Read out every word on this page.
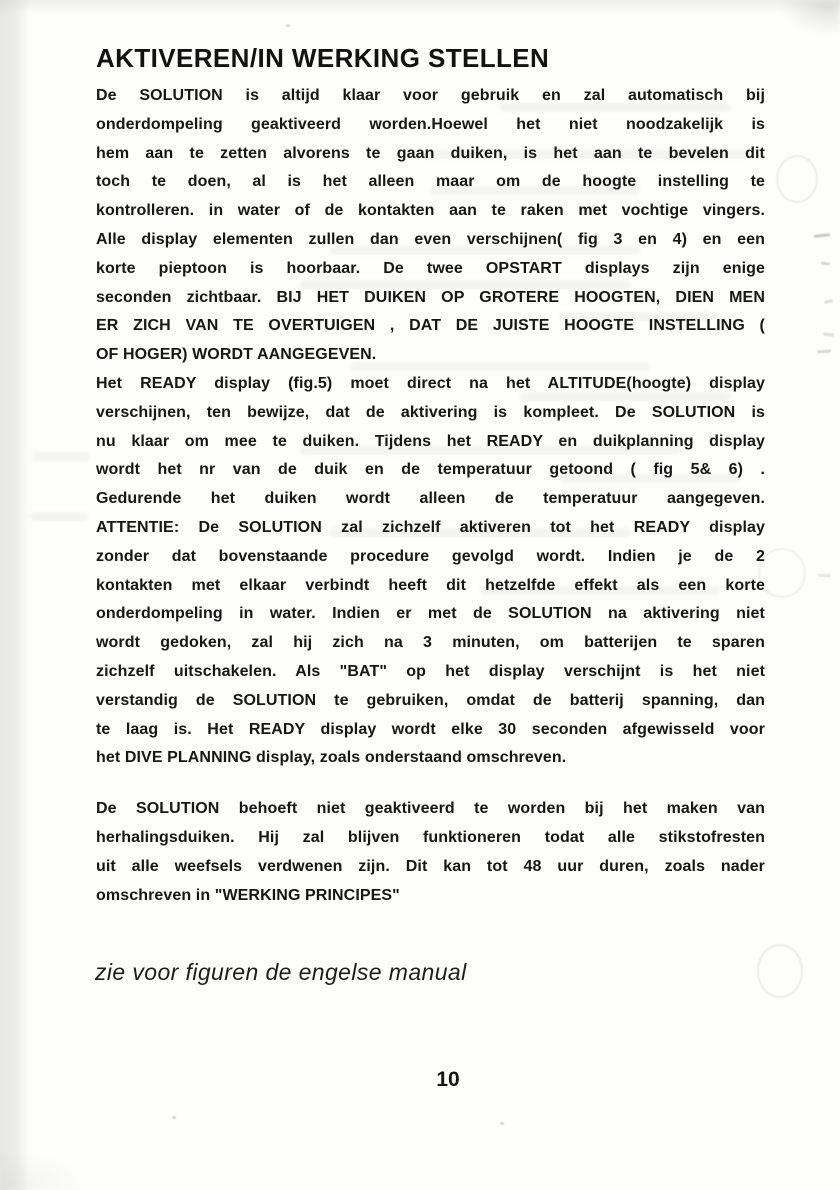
AKTIVEREN/IN WERKING STELLEN
De SOLUTION is altijd klaar voor gebruik en zal automatisch bij
onderdompeling geaktiveerd worden.Hoewel het niet noodzakelijk is
hem aan te zetten alvorens te gaan duiken, is het aan te bevelen dit
toch te doen, al is het alleen maar om de hoogte instelling te
kontrolleren. in water of de kontakten aan te raken met vochtige vingers.
Alle display elementen zullen dan even verschijnen( fig 3 en 4) en een
korte pieptoon is hoorbaar. De twee OPSTART displays zijn enige
seconden zichtbaar. BIJ HET DUIKEN OP GROTERE HOOGTEN, DIEN MEN
ER ZICH VAN TE OVERTUIGEN , DAT DE JUISTE HOOGTE INSTELLING (
OF HOGER) WORDT AANGEGEVEN.
Het READY display (fig.5) moet direct na het ALTITUDE(hoogte) display
verschijnen, ten bewijze, dat de aktivering is kompleet. De SOLUTION is
nu klaar om mee te duiken. Tijdens het READY en duikplanning display
wordt het nr van de duik en de temperatuur getoond ( fig 5& 6) .
Gedurende het duiken wordt alleen de temperatuur aangegeven.
ATTENTIE: De SOLUTION zal zichzelf aktiveren tot het READY display
zonder dat bovenstaande procedure gevolgd wordt. Indien je de 2
kontakten met elkaar verbindt heeft dit hetzelfde effekt als een korte
onderdompeling in water. Indien er met de SOLUTION na aktivering niet
wordt gedoken, zal hij zich na 3 minuten, om batterijen te sparen
zichzelf uitschakelen. Als "BAT" op het display verschijnt is het niet
verstandig de SOLUTION te gebruiken, omdat de batterij spanning, dan
te laag is. Het READY display wordt elke 30 seconden afgewisseld voor
het DIVE PLANNING display, zoals onderstaand omschreven.
De SOLUTION behoeft niet geaktiveerd te worden bij het maken van
herhalingsduiken. Hij zal blijven funktioneren todat alle stikstofresten
uit alle weefsels verdwenen zijn. Dit kan tot 48 uur duren, zoals nader
omschreven in "WERKING PRINCIPES"
zie voor figuren de engelse manual
10
